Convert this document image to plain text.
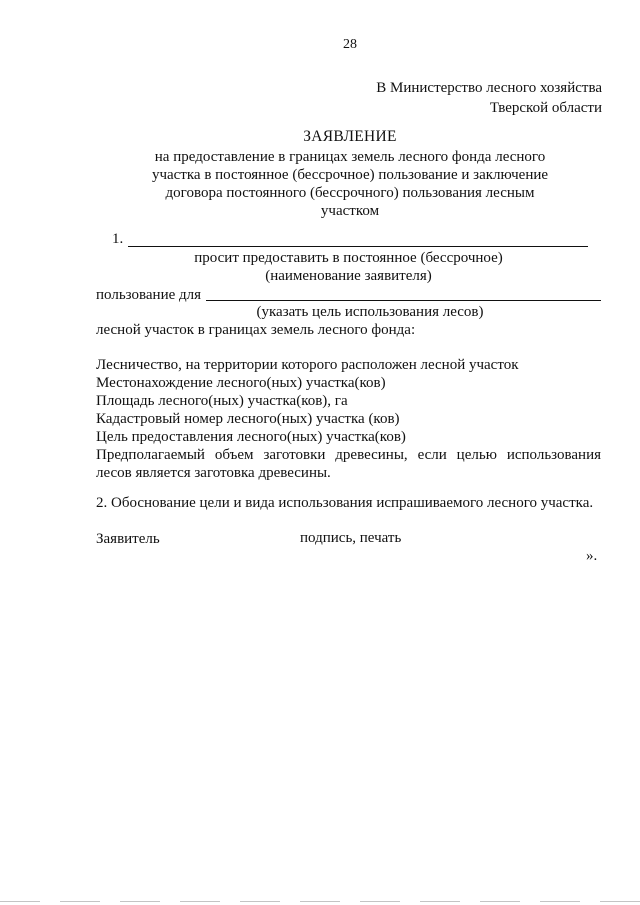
28
В Министерство лесного хозяйства
Тверской области
ЗАЯВЛЕНИЕ
на предоставление в границах земель лесного фонда лесного
участка в постоянное (бессрочное) пользование и заключение
договора постоянного (бессрочного) пользования лесным
участком
1.
просит предоставить в постоянное (бессрочное)
(наименование заявителя)
пользование для
(указать цель использования лесов)
лесной участок в границах земель лесного фонда:
Лесничество, на территории которого расположен лесной участок
Местонахождение лесного(ных) участка(ков)
Площадь лесного(ных) участка(ков), га
Кадастровый номер лесного(ных) участка (ков)
Цель предоставления лесного(ных) участка(ков)
Предполагаемый объем заготовки древесины, если целью использования лесов является заготовка древесины.
2. Обоснование цели и вида использования испрашиваемого лесного участка.
Заявитель	подпись, печать
».
